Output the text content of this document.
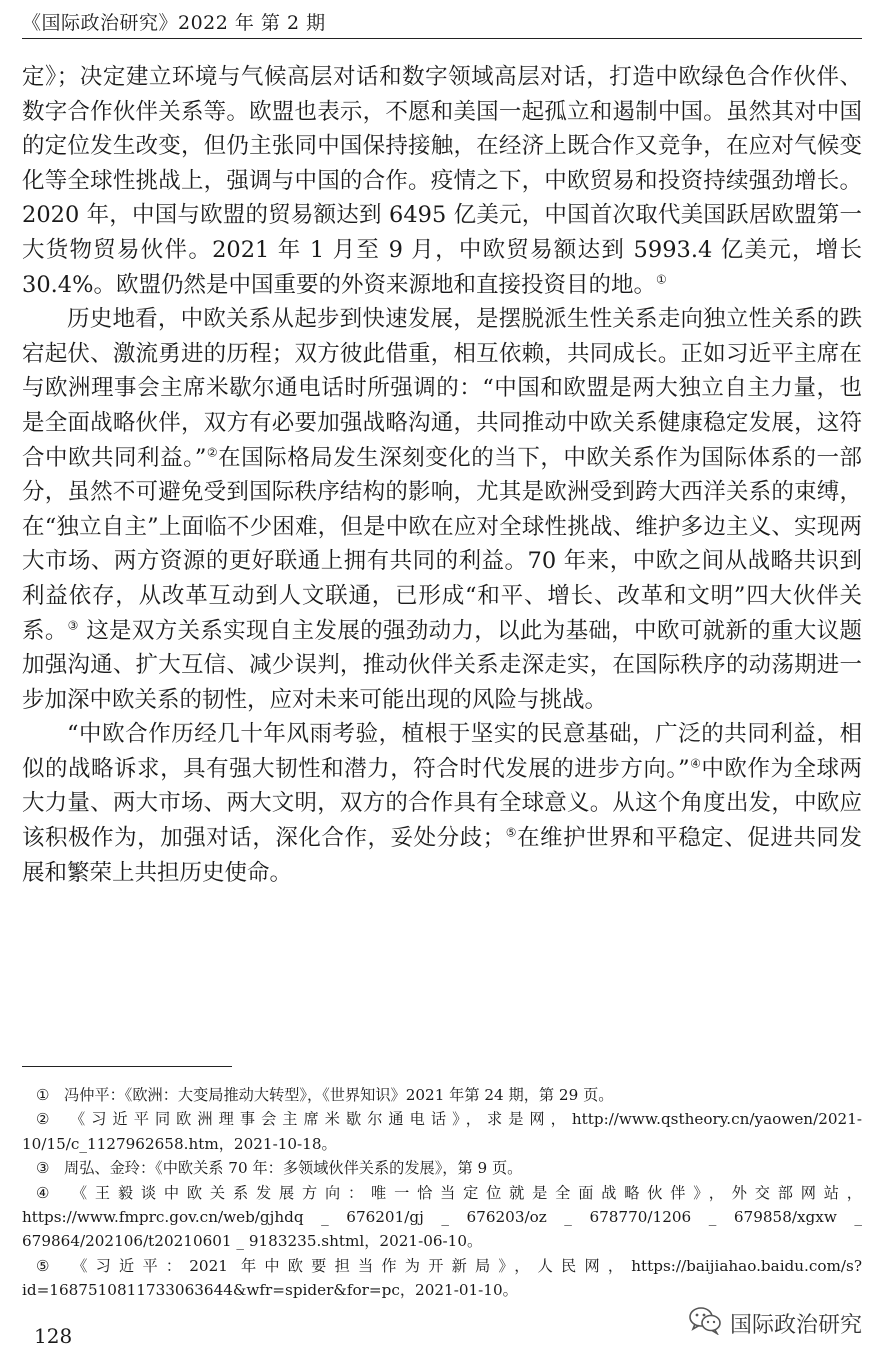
《国际政治研究》2022 年 第 2 期

定》；决定建立环境与气候高层对话和数字领域高层对话，打造中欧绿色合作伙伴、数字合作伙伴关系等。欧盟也表示，不愿和美国一起孤立和遏制中国。虽然其对中国的定位发生改变，但仍主张同中国保持接触，在经济上既合作又竞争，在应对气候变化等全球性挑战上，强调与中国的合作。疫情之下，中欧贸易和投资持续强劲增长。2020 年，中国与欧盟的贸易额达到 6495 亿美元，中国首次取代美国跃居欧盟第一大货物贸易伙伴。2021 年 1 月至 9 月，中欧贸易额达到 5993.4 亿美元，增长 30.4%。欧盟仍然是中国重要的外资来源地和直接投资目的地。①

历史地看，中欧关系从起步到快速发展，是摆脱派生性关系走向独立性关系的跌宕起伏、激流勇进的历程；双方彼此借重，相互依赖，共同成长。正如习近平主席在与欧洲理事会主席米歇尔通电话时所强调的：“中国和欧盟是两大独立自主力量，也是全面战略伙伴，双方有必要加强战略沟通，共同推动中欧关系健康稳定发展，这符合中欧共同利益。”②在国际格局发生深刻变化的当下，中欧关系作为国际体系的一部分，虽然不可避免受到国际秩序结构的影响，尤其是欧洲受到跨大西洋关系的束缚，在“独立自主”上面临不少困难，但是中欧在应对全球性挑战、维护多边主义、实现两大市场、两方资源的更好联通上拥有共同的利益。70 年来，中欧之间从战略共识到利益依存，从改革互动到人文联通，已形成“和平、增长、改革和文明”四大伙伴关系。③ 这是双方关系实现自主发展的强劲动力，以此为基础，中欧可就新的重大议题加强沟通、扩大互信、减少误判，推动伙伴关系走深走实，在国际秩序的动荡期进一步加深中欧关系的韧性，应对未来可能出现的风险与挑战。

“中欧合作历经几十年风雨考验，植根于坚实的民意基础，广泛的共同利益，相似的战略诉求，具有强大韧性和潜力，符合时代发展的进步方向。”④中欧作为全球两大力量、两大市场、两大文明，双方的合作具有全球意义。从这个角度出发，中欧应该积极作为，加强对话，深化合作，妥处分歧；⑤在维护世界和平稳定、促进共同发展和繁荣上共担历史使命。

① 冯仲平：《欧洲：大变局推动大转型》，《世界知识》2021 年第 24 期，第 29 页。

② 《习近平同欧洲理事会主席米歇尔通电话》，求是网，http://www.qstheory.cn/yaowen/2021-10/15/c_1127962658.htm，2021-10-18。

③ 周弘、金玲：《中欧关系 70 年：多领域伙伴关系的发展》，第 9 页。

④ 《王毅谈中欧关系发展方向：唯一恰当定位就是全面战略伙伴》，外交部网站，https://www.fmprc.gov.cn/web/gjhdq _ 676201/gj _ 676203/oz _ 678770/1206 _ 679858/xgxw _ 679864/202106/t20210601 _ 9183235.shtml，2021-06-10。

⑤ 《习近平：2021 年中欧要担当作为开新局》，人民网，https://baijiahao.baidu.com/s?id=1687510811733063644&wfr=spider&for=pc，2021-01-10。

128	国际政治研究
